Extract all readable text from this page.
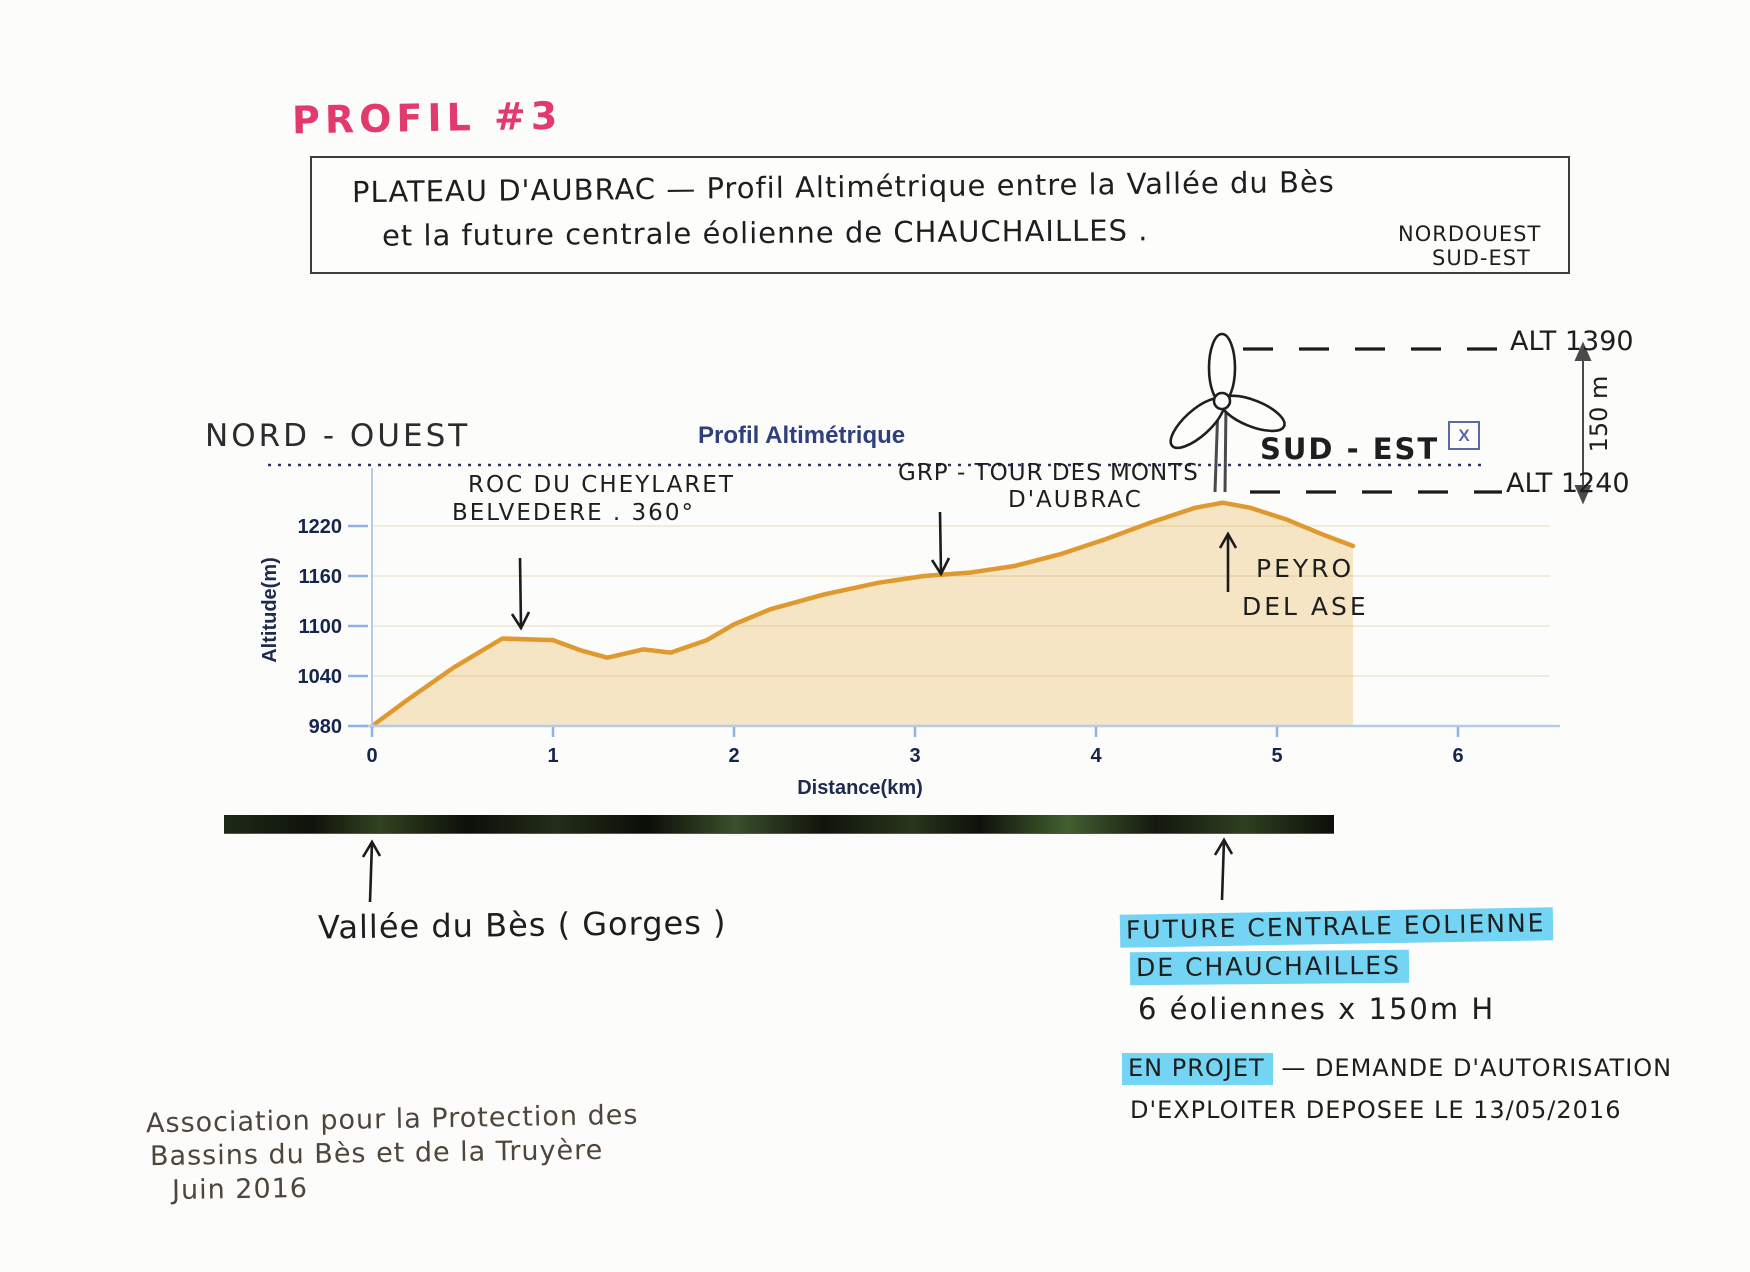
PROFIL #3
PLATEAU D'AUBRAC — Profil Altimétrique entre la Vallée du Bès
et la future centrale éolienne de CHAUCHAILLES .	NORDOUEST
SUD-EST
1220
1160
1100
1040
980
0	1	2	3	4	5	6
Distance(km)
Altitude(m)
Profil Altimétrique
NORD - OUEST	SUD - EST	X
ALT 1390
ALT 1240
150 m
ROC DU CHEYLARET
BELVEDERE . 360°
GRP - TOUR DES MONTS
D'AUBRAC
PEYRO
DEL ASE
Vallée du Bès ( Gorges )	FUTURE CENTRALE EOLIENNE
DE CHAUCHAILLES
6 éoliennes x 150m H
EN PROJET — DEMANDE D'AUTORISATION
D'EXPLOITER DEPOSEE LE 13/05/2016
Association pour la Protection des
Bassins du Bès et de la Truyère
Juin 2016
